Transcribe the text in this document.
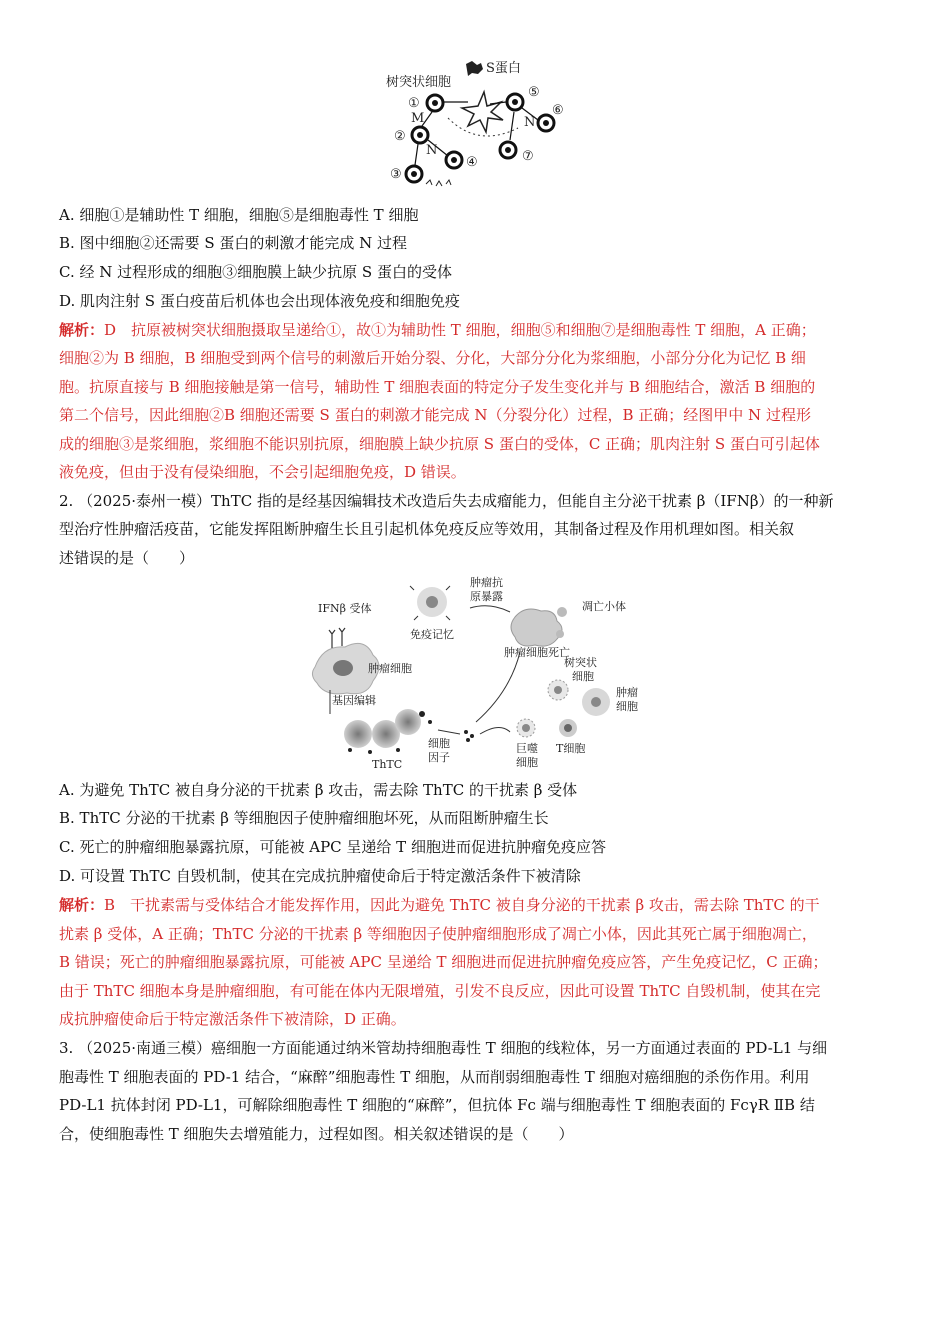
树突状细胞
S蛋白
①
M
②
N
④
③
⑤
⑥
N
⑦
A. 细胞①是辅助性 T 细胞，细胞⑤是细胞毒性 T 细胞
B. 图中细胞②还需要 S 蛋白的刺激才能完成 N 过程
C. 经 N 过程形成的细胞③细胞膜上缺少抗原 S 蛋白的受体
D. 肌肉注射 S 蛋白疫苗后机体也会出现体液免疫和细胞免疫
解析：D　抗原被树突状细胞摄取呈递给①，故①为辅助性 T 细胞，细胞⑤和细胞⑦是细胞毒性 T 细胞，A 正确；
细胞②为 B 细胞，B 细胞受到两个信号的刺激后开始分裂、分化，大部分分化为浆细胞，小部分分化为记忆 B 细
胞。抗原直接与 B 细胞接触是第一信号，辅助性 T 细胞表面的特定分子发生变化并与 B 细胞结合，激活 B 细胞的
第二个信号，因此细胞②B 细胞还需要 S 蛋白的刺激才能完成 N（分裂分化）过程，B 正确；经图甲中 N 过程形
成的细胞③是浆细胞，浆细胞不能识别抗原，细胞膜上缺少抗原 S 蛋白的受体，C 正确；肌肉注射 S 蛋白可引起体
液免疫，但由于没有侵染细胞，不会引起细胞免疫，D 错误。
2. （2025·泰州一模）ThTC 指的是经基因编辑技术改造后失去成瘤能力，但能自主分泌干扰素 β（IFNβ）的一种新
型治疗性肿瘤活疫苗，它能发挥阻断肿瘤生长且引起机体免疫反应等效用，其制备过程及作用机理如图。相关叙
述错误的是（　　）
IFNβ 受体
肿瘤细胞
基因编辑
ThTC
细胞
因子
巨噬
细胞
T细胞
肿瘤
细胞
树突状
细胞
凋亡小体
肿瘤细胞死亡
肿瘤抗
原暴露
免疫记忆
A. 为避免 ThTC 被自身分泌的干扰素 β 攻击，需去除 ThTC 的干扰素 β 受体
B. ThTC 分泌的干扰素 β 等细胞因子使肿瘤细胞坏死，从而阻断肿瘤生长
C. 死亡的肿瘤细胞暴露抗原，可能被 APC 呈递给 T 细胞进而促进抗肿瘤免疫应答
D. 可设置 ThTC 自毁机制，使其在完成抗肿瘤使命后于特定激活条件下被清除
解析：B　干扰素需与受体结合才能发挥作用，因此为避免 ThTC 被自身分泌的干扰素 β 攻击，需去除 ThTC 的干
扰素 β 受体，A 正确；ThTC 分泌的干扰素 β 等细胞因子使肿瘤细胞形成了凋亡小体，因此其死亡属于细胞凋亡，
B 错误；死亡的肿瘤细胞暴露抗原，可能被 APC 呈递给 T 细胞进而促进抗肿瘤免疫应答，产生免疫记忆，C 正确；
由于 ThTC 细胞本身是肿瘤细胞，有可能在体内无限增殖，引发不良反应，因此可设置 ThTC 自毁机制，使其在完
成抗肿瘤使命后于特定激活条件下被清除，D 正确。
3. （2025·南通三模）癌细胞一方面能通过纳米管劫持细胞毒性 T 细胞的线粒体，另一方面通过表面的 PD-L1 与细
胞毒性 T 细胞表面的 PD-1 结合，“麻醉”细胞毒性 T 细胞，从而削弱细胞毒性 T 细胞对癌细胞的杀伤作用。利用
PD-L1 抗体封闭 PD-L1，可解除细胞毒性 T 细胞的“麻醉”，但抗体 Fc 端与细胞毒性 T 细胞表面的 FcγR ⅡB 结
合，使细胞毒性 T 细胞失去增殖能力，过程如图。相关叙述错误的是（　　）
